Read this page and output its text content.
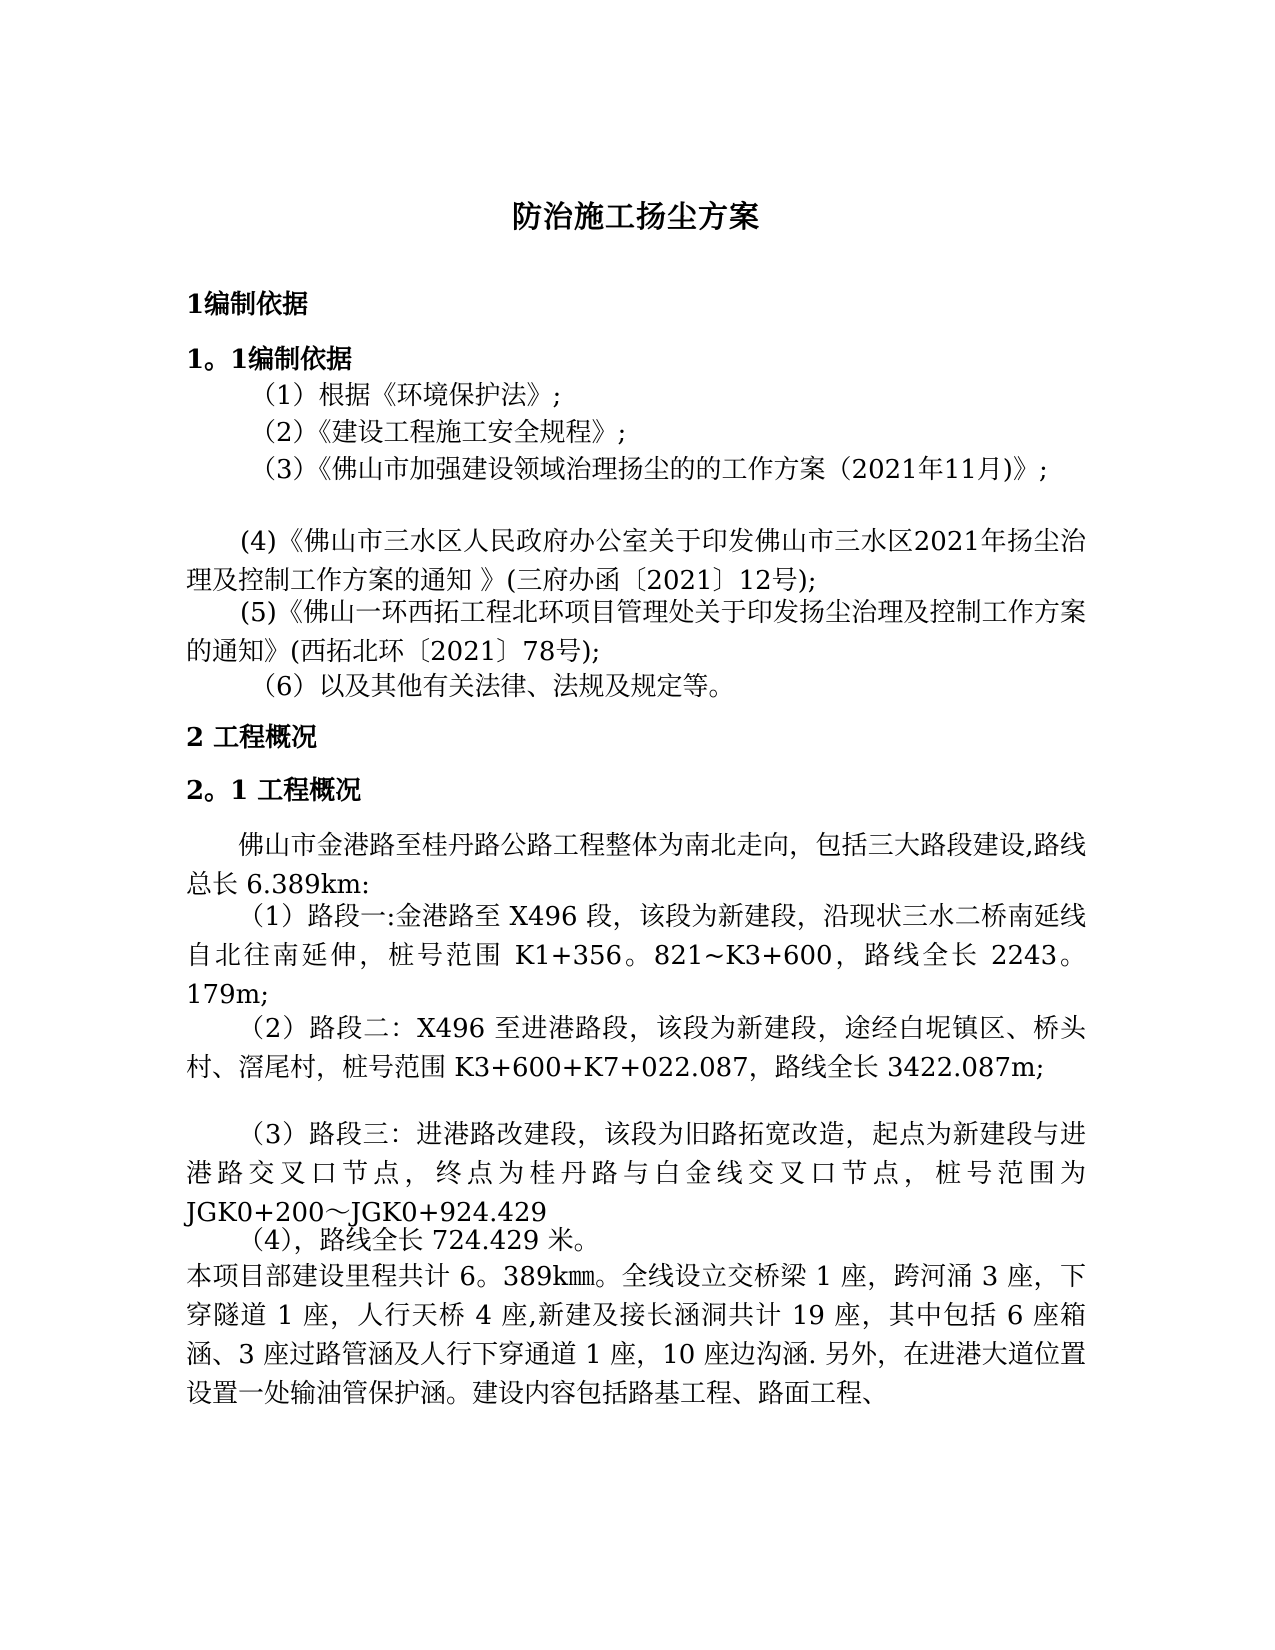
防治施工扬尘方案
1编制依据
1。1编制依据
（1）根据《环境保护法》;
（2）《建设工程施工安全规程》;
（3）《佛山市加强建设领域治理扬尘的的工作方案（2021年11月)》;
(4)《佛山市三水区人民政府办公室关于印发佛山市三水区2021年扬尘治理及控制工作方案的通知 》(三府办函〔2021〕12号);
(5)《佛山一环西拓工程北环项目管理处关于印发扬尘治理及控制工作方案的通知》(西拓北环〔2021〕78号);
（6）以及其他有关法律、法规及规定等。
2 工程概况
2。1 工程概况
佛山市金港路至桂丹路公路工程整体为南北走向，包括三大路段建设,路线总长 6.389km:
（1）路段一:金港路至 X496 段，该段为新建段，沿现状三水二桥南延线自北往南延伸，桩号范围 K1+356。821~K3+600，路线全长 2243。179m;
（2）路段二：X496 至进港路段，该段为新建段，途经白坭镇区、桥头村、滘尾村，桩号范围 K3+600+K7+022.087，路线全长 3422.087m;
（3）路段三：进港路改建段，该段为旧路拓宽改造，起点为新建段与进港路交叉口节点，终点为桂丹路与白金线交叉口节点，桩号范围为 JGK0+200～JGK0+924.429
（4），路线全长 724.429 米。
本项目部建设里程共计 6。389k㎜。全线设立交桥梁 1 座，跨河涌 3 座，下穿隧道 1 座，人行天桥 4 座,新建及接长涵洞共计 19 座，其中包括 6 座箱涵、3 座过路管涵及人行下穿通道 1 座，10 座边沟涵. 另外，在进港大道位置设置一处输油管保护涵。建设内容包括路基工程、路面工程、
